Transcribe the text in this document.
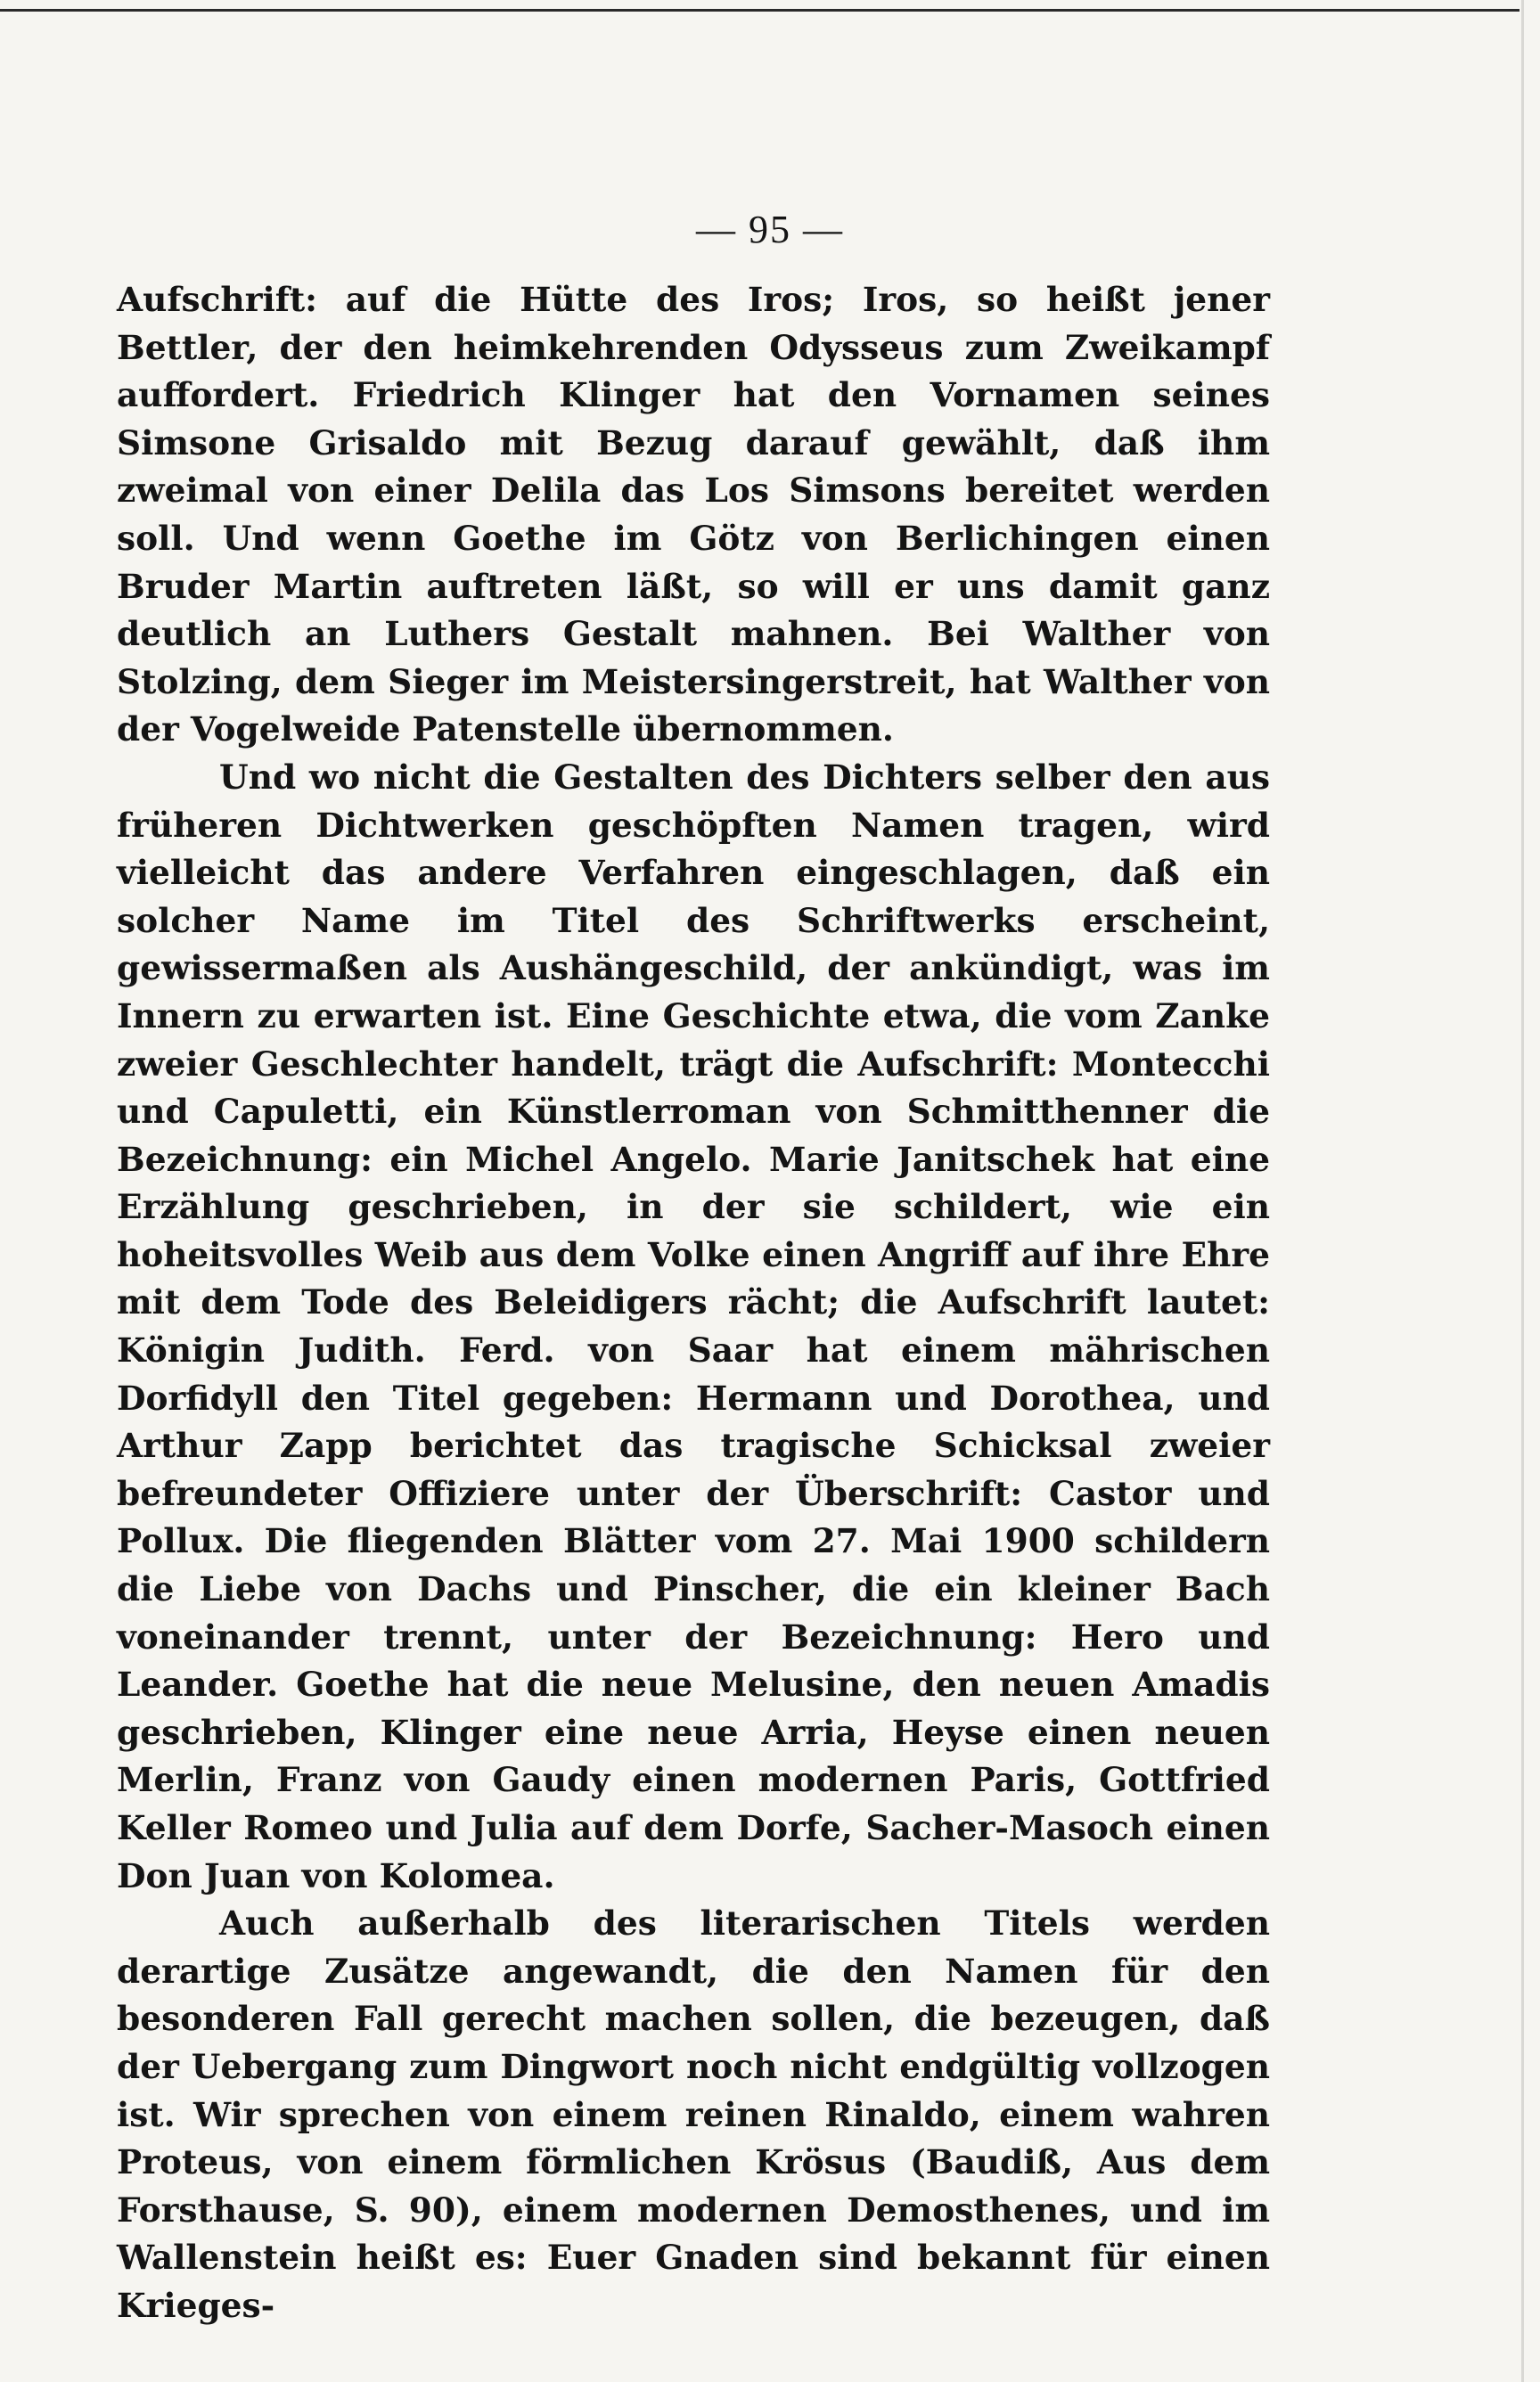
— 95 —

Aufschrift: auf die Hütte des Iros; Iros, so heißt jener Bettler, der den heimkehrenden Odysseus zum Zweikampf auffordert. Friedrich Klinger hat den Vornamen seines Simsone Grisaldo mit Bezug darauf gewählt, daß ihm zweimal von einer Delila das Los Simsons bereitet werden soll. Und wenn Goethe im Götz von Berlichingen einen Bruder Martin auftreten läßt, so will er uns damit ganz deutlich an Luthers Gestalt mahnen. Bei Walther von Stolzing, dem Sieger im Meistersingerstreit, hat Walther von der Vogelweide Patenstelle übernommen.

Und wo nicht die Gestalten des Dichters selber den aus früheren Dichtwerken geschöpften Namen tragen, wird vielleicht das andere Verfahren eingeschlagen, daß ein solcher Name im Titel des Schriftwerks erscheint, gewissermaßen als Aushängeschild, der ankündigt, was im Innern zu erwarten ist. Eine Geschichte etwa, die vom Zanke zweier Geschlechter handelt, trägt die Aufschrift: Montecchi und Capuletti, ein Künstlerroman von Schmitthenner die Bezeichnung: ein Michel Angelo. Marie Janitschek hat eine Erzählung geschrieben, in der sie schildert, wie ein hoheitsvolles Weib aus dem Volke einen Angriff auf ihre Ehre mit dem Tode des Beleidigers rächt; die Aufschrift lautet: Königin Judith. Ferd. von Saar hat einem mährischen Dorfidyll den Titel gegeben: Hermann und Dorothea, und Arthur Zapp berichtet das tragische Schicksal zweier befreundeter Offiziere unter der Überschrift: Castor und Pollux. Die fliegenden Blätter vom 27. Mai 1900 schildern die Liebe von Dachs und Pinscher, die ein kleiner Bach voneinander trennt, unter der Bezeichnung: Hero und Leander. Goethe hat die neue Melusine, den neuen Amadis geschrieben, Klinger eine neue Arria, Heyse einen neuen Merlin, Franz von Gaudy einen modernen Paris, Gottfried Keller Romeo und Julia auf dem Dorfe, Sacher-Masoch einen Don Juan von Kolomea.

Auch außerhalb des literarischen Titels werden derartige Zusätze angewandt, die den Namen für den besonderen Fall gerecht machen sollen, die bezeugen, daß der Uebergang zum Dingwort noch nicht endgültig vollzogen ist. Wir sprechen von einem reinen Rinaldo, einem wahren Proteus, von einem förmlichen Krösus (Baudiß, Aus dem Forsthause, S. 90), einem modernen Demosthenes, und im Wallenstein heißt es: Euer Gnaden sind bekannt für einen Krieges-
